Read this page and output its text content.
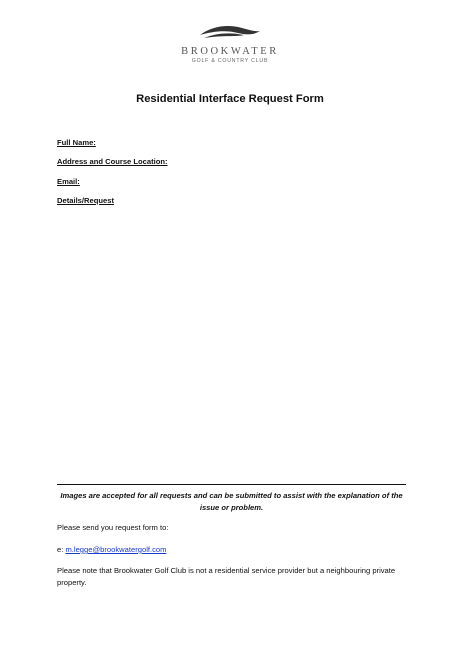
BROOKWATER
GOLF & COUNTRY CLUB
Residential Interface Request Form
Full Name:
Address and Course Location:
Email:
Details/Request
Images are accepted for all requests and can be submitted to assist with the explanation of the issue or problem.
Please send you request form to:
e: m.legge@brookwatergolf.com
Please note that Brookwater Golf Club is not a residential service provider but a neighbouring private property.
